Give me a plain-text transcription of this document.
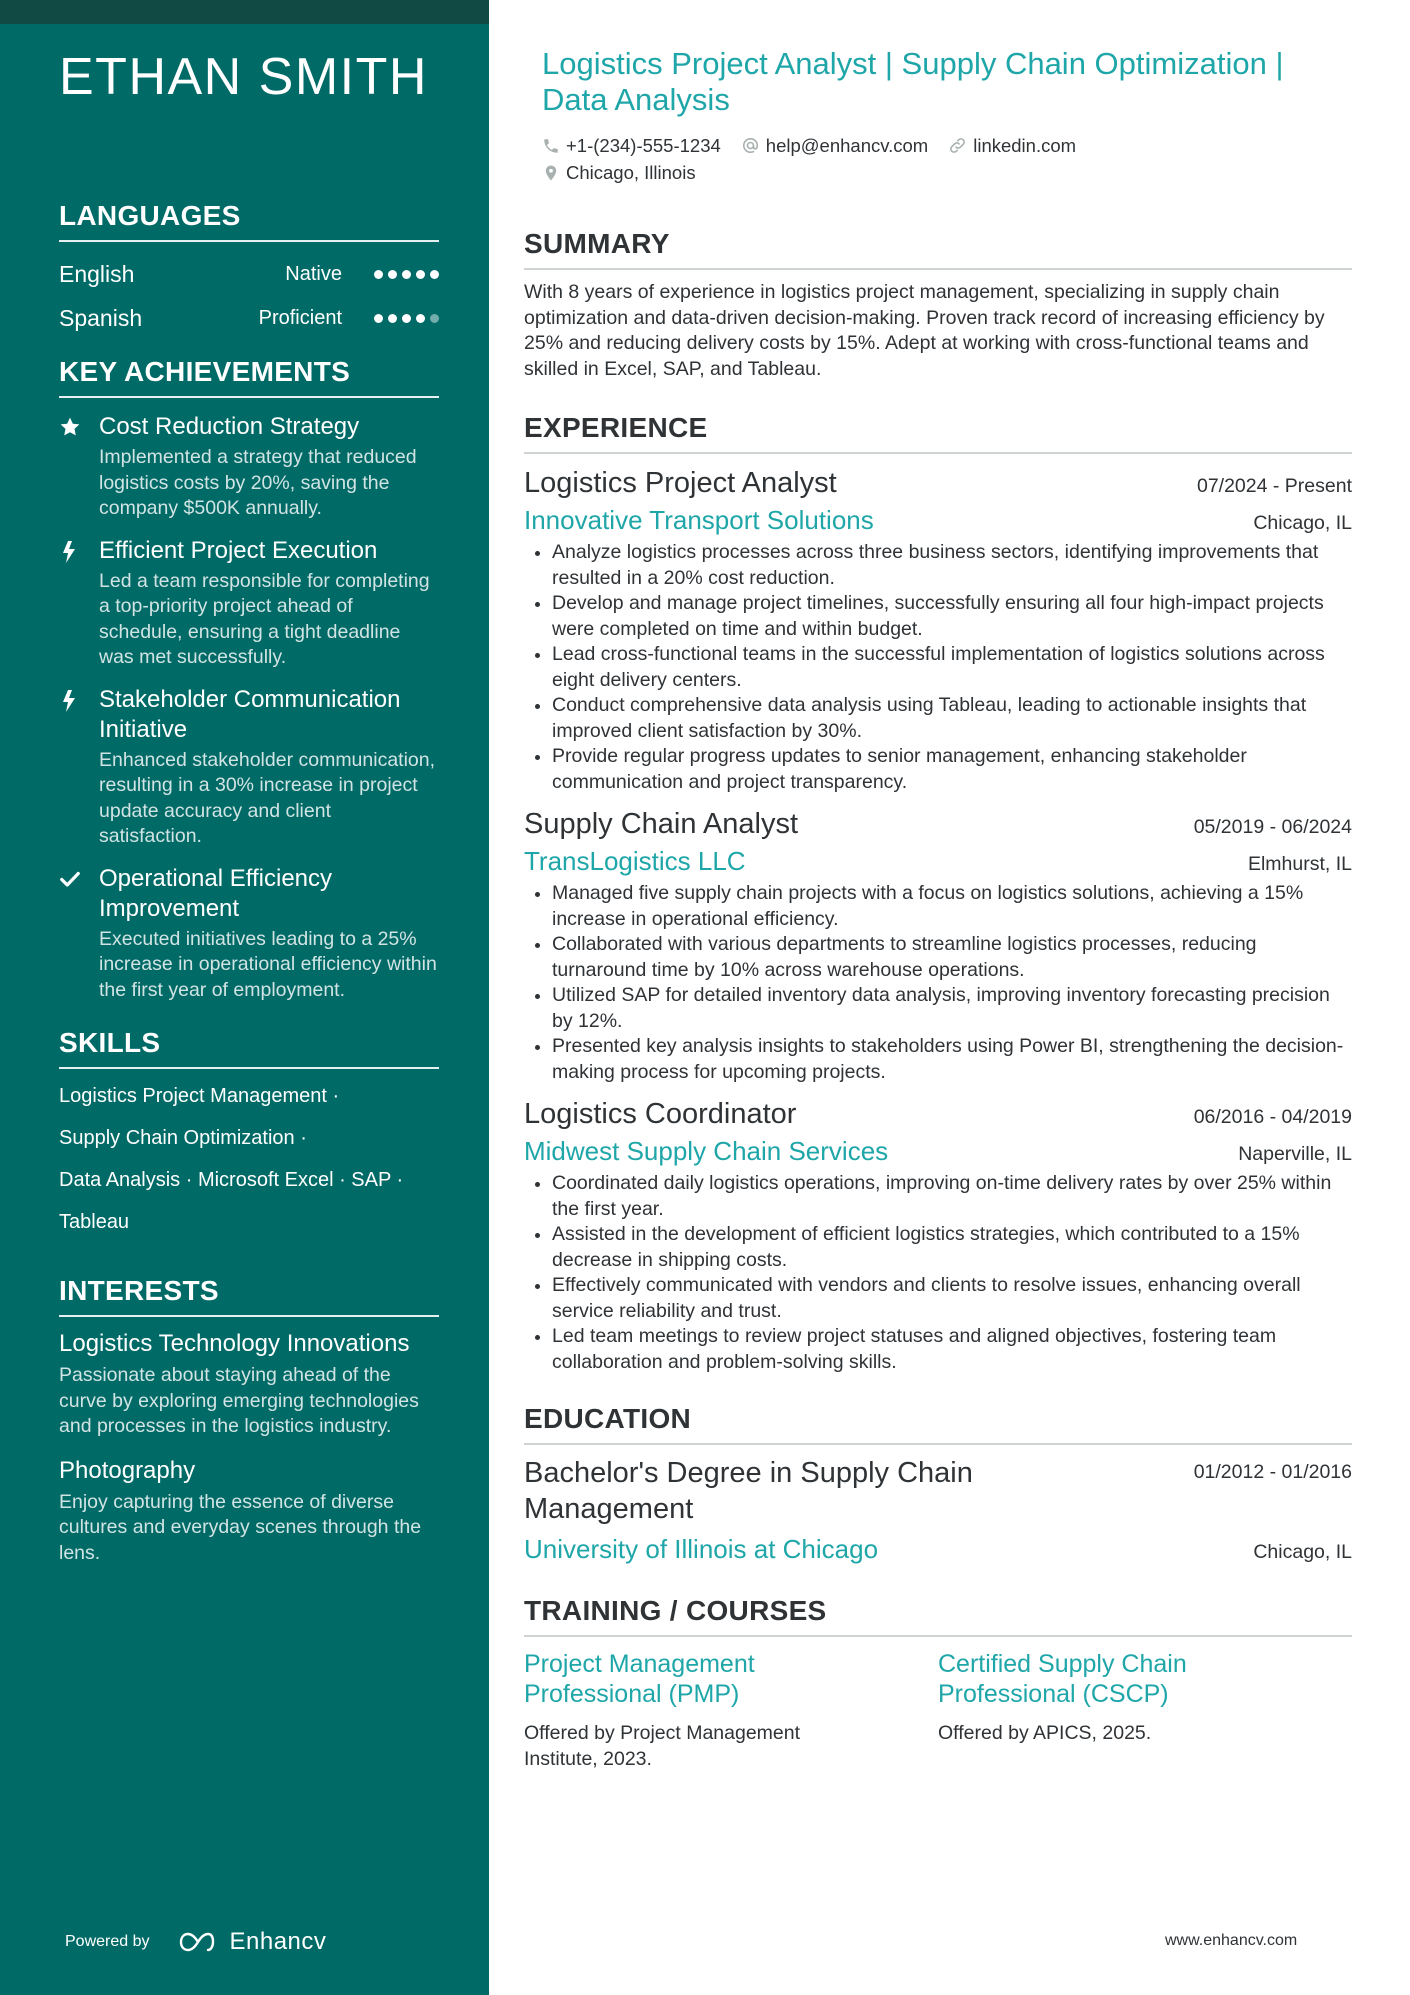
ETHAN SMITH
LANGUAGES
English	Native
Spanish	Proficient
KEY ACHIEVEMENTS
Cost Reduction Strategy
Implemented a strategy that reduced logistics costs by 20%, saving the company $500K annually.
Efficient Project Execution
Led a team responsible for completing a top-priority project ahead of schedule, ensuring a tight deadline was met successfully.
Stakeholder Communication Initiative
Enhanced stakeholder communication, resulting in a 30% increase in project update accuracy and client satisfaction.
Operational Efficiency Improvement
Executed initiatives leading to a 25% increase in operational efficiency within the first year of employment.
SKILLS
Logistics Project Management ·
Supply Chain Optimization ·
Data Analysis · Microsoft Excel · SAP ·
Tableau
INTERESTS
Logistics Technology Innovations
Passionate about staying ahead of the curve by exploring emerging technologies and processes in the logistics industry.
Photography
Enjoy capturing the essence of diverse cultures and everyday scenes through the lens.
Powered by	Enhancv
Logistics Project Analyst | Supply Chain Optimization | Data Analysis
+1-(234)-555-1234 help@enhancv.com linkedin.com
Chicago, Illinois
SUMMARY

With 8 years of experience in logistics project management, specializing in supply chain optimization and data-driven decision-making. Proven track record of increasing efficiency by 25% and reducing delivery costs by 15%. Adept at working with cross-functional teams and skilled in Excel, SAP, and Tableau.

EXPERIENCE
Logistics Project Analyst	07/2024 - Present
Innovative Transport Solutions	Chicago, IL
Analyze logistics processes across three business sectors, identifying improvements that resulted in a 20% cost reduction.
Develop and manage project timelines, successfully ensuring all four high-impact projects were completed on time and within budget.
Lead cross-functional teams in the successful implementation of logistics solutions across eight delivery centers.
Conduct comprehensive data analysis using Tableau, leading to actionable insights that improved client satisfaction by 30%.
Provide regular progress updates to senior management, enhancing stakeholder communication and project transparency.
Supply Chain Analyst	05/2019 - 06/2024
TransLogistics LLC	Elmhurst, IL
Managed five supply chain projects with a focus on logistics solutions, achieving a 15% increase in operational efficiency.
Collaborated with various departments to streamline logistics processes, reducing turnaround time by 10% across warehouse operations.
Utilized SAP for detailed inventory data analysis, improving inventory forecasting precision by 12%.
Presented key analysis insights to stakeholders using Power BI, strengthening the decision-making process for upcoming projects.
Logistics Coordinator	06/2016 - 04/2019
Midwest Supply Chain Services	Naperville, IL
Coordinated daily logistics operations, improving on-time delivery rates by over 25% within the first year.
Assisted in the development of efficient logistics strategies, which contributed to a 15% decrease in shipping costs.
Effectively communicated with vendors and clients to resolve issues, enhancing overall service reliability and trust.
Led team meetings to review project statuses and aligned objectives, fostering team collaboration and problem-solving skills.
EDUCATION
Bachelor's Degree in Supply Chain Management
01/2012 - 01/2016
University of Illinois at Chicago	Chicago, IL
TRAINING / COURSES
Project Management Professional (PMP)
Offered by Project Management Institute, 2023.
Certified Supply Chain Professional (CSCP)
Offered by APICS, 2025.
www.enhancv.com
